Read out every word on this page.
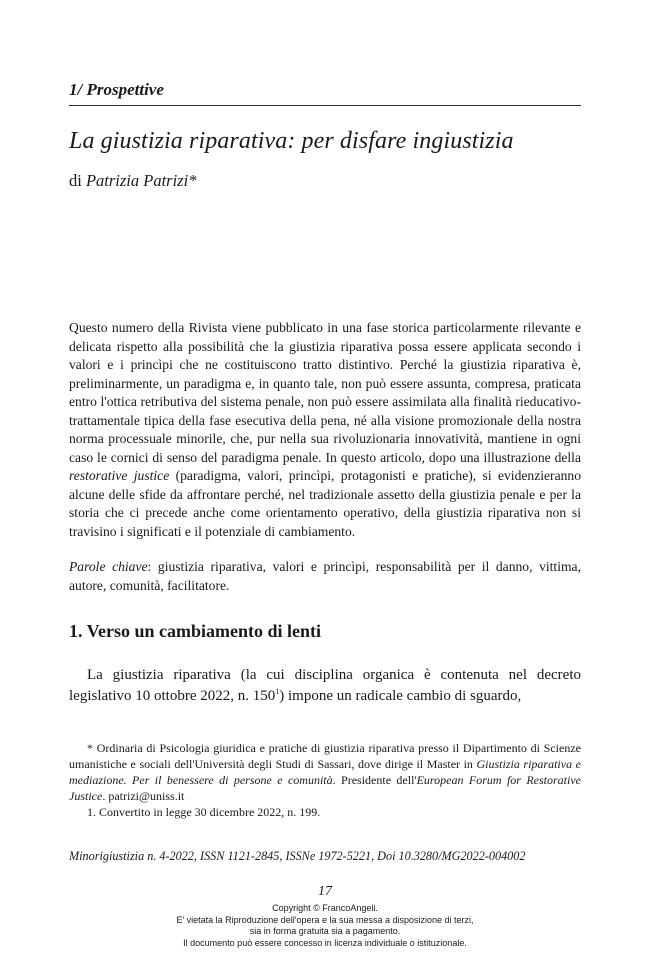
1/ Prospettive
La giustizia riparativa: per disfare ingiustizia
di Patrizia Patrizi*

Questo numero della Rivista viene pubblicato in una fase storica particolarmente rilevante e delicata rispetto alla possibilità che la giustizia riparativa possa essere applicata secondo i valori e i princìpi che ne costituiscono tratto distintivo. Perché la giustizia riparativa è, preliminarmente, un paradigma e, in quanto tale, non può essere assunta, compresa, praticata entro l'ottica retributiva del sistema penale, non può essere assimilata alla finalità rieducativo-trattamentale tipica della fase esecutiva della pena, né alla visione promozionale della nostra norma processuale minorile, che, pur nella sua rivoluzionaria innovatività, mantiene in ogni caso le cornici di senso del paradigma penale. In questo articolo, dopo una illustrazione della restorative justice (paradigma, valori, princìpi, protagonisti e pratiche), si evidenzieranno alcune delle sfide da affrontare perché, nel tradizionale assetto della giustizia penale e per la storia che ci precede anche come orientamento operativo, della giustizia riparativa non si travisino i significati e il potenziale di cambiamento.

Parole chiave: giustizia riparativa, valori e princìpi, responsabilità per il danno, vittima, autore, comunità, facilitatore.

1. Verso un cambiamento di lenti

La giustizia riparativa (la cui disciplina organica è contenuta nel decreto legislativo 10 ottobre 2022, n. $150^1$) impone un radicale cambio di sguardo,

* Ordinaria di Psicologia giuridica e pratiche di giustizia riparativa presso il Dipartimento di Scienze umanistiche e sociali dell'Università degli Studi di Sassari, dove dirige il Master in Giustizia riparativa e mediazione. Per il benessere di persone e comunità. Presidente dell'European Forum for Restorative Justice. patrizi@uniss.it

1. Convertito in legge 30 dicembre 2022, n. 199.

Minorigiustizia n. 4-2022, ISSN 1121-2845, ISSNe 1972-5221, Doi 10.3280/MG2022-004002
17
Copyright © FrancoAngeli.
E' vietata la Riproduzione dell'opera e la sua messa a disposizione di terzi,
sia in forma gratuita sia a pagamento.
Il documento può essere concesso in licenza individuale o istituzionale.
